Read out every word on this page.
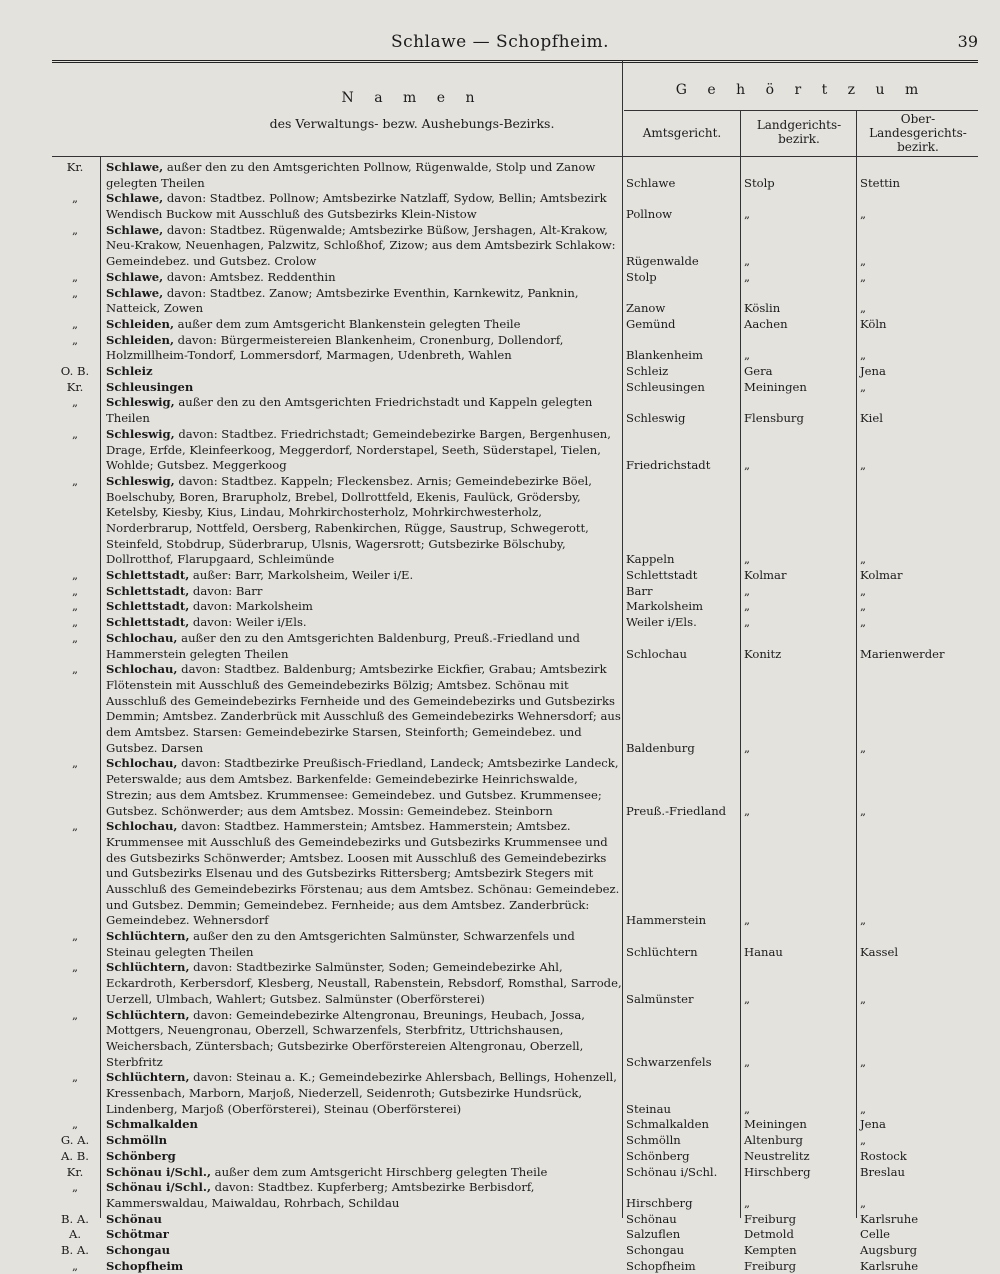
Schlawe — Schopfheim.	39
N a m e n
des Verwaltungs- bezw. Aushebungs-Bezirks.
G e h ö r t z u m
Amtsgericht.
Landgerichts-bezirk.
Ober-Landesgerichts-bezirk.
Kr.	Schlawe, außer den zu den Amtsgerichten Pollnow, Rügenwalde, Stolp und Zanow gelegten Theilen	Schlawe	Stolp	Stettin
„	Schlawe, davon: Stadtbez. Pollnow; Amtsbezirke Natzlaff, Sydow, Bellin; Amtsbezirk Wendisch Buckow mit Ausschluß des Gutsbezirks Klein-Nistow	Pollnow	„	„
„	Schlawe, davon: Stadtbez. Rügenwalde; Amtsbezirke Büßow, Jershagen, Alt-Krakow, Neu-Krakow, Neuenhagen, Palzwitz, Schloßhof, Zizow; aus dem Amtsbezirk Schlakow: Gemeindebez. und Gutsbez. Crolow	Rügenwalde	„	„
„	Schlawe, davon: Amtsbez. Reddenthin	Stolp	„	„
„	Schlawe, davon: Stadtbez. Zanow; Amtsbezirke Eventhin, Karnkewitz, Panknin, Natteick, Zowen	Zanow	Köslin	„
„	Schleiden, außer dem zum Amtsgericht Blankenstein gelegten Theile	Gemünd	Aachen	Köln
„	Schleiden, davon: Bürgermeistereien Blankenheim, Cronenburg, Dollendorf, Holzmillheim-Tondorf, Lommersdorf, Marmagen, Udenbreth, Wahlen	Blankenheim	„	„
O. B.	Schleiz	Schleiz	Gera	Jena
Kr.	Schleusingen	Schleusingen	Meiningen	„
„	Schleswig, außer den zu den Amtsgerichten Friedrichstadt und Kappeln gelegten Theilen	Schleswig	Flensburg	Kiel
„	Schleswig, davon: Stadtbez. Friedrichstadt; Gemeindebezirke Bargen, Bergenhusen, Drage, Erfde, Kleinfeerkoog, Meggerdorf, Norderstapel, Seeth, Süderstapel, Tielen, Wohlde; Gutsbez. Meggerkoog	Friedrichstadt	„	„
„	Schleswig, davon: Stadtbez. Kappeln; Fleckensbez. Arnis; Gemeindebezirke Böel, Boelschuby, Boren, Brarupholz, Brebel, Dollrottfeld, Ekenis, Faulück, Grödersby, Ketelsby, Kiesby, Kius, Lindau, Mohrkirchosterholz, Mohrkirchwesterholz, Norderbrarup, Nottfeld, Oersberg, Rabenkirchen, Rügge, Saustrup, Schwegerott, Steinfeld, Stobdrup, Süderbrarup, Ulsnis, Wagersrott; Gutsbezirke Bölschuby, Dollrotthof, Flarupgaard, Schleimünde	Kappeln	„	„
„	Schlettstadt, außer: Barr, Markolsheim, Weiler i/E.	Schlettstadt	Kolmar	Kolmar
„	Schlettstadt, davon: Barr	Barr	„	„
„	Schlettstadt, davon: Markolsheim	Markolsheim	„	„
„	Schlettstadt, davon: Weiler i/Els.	Weiler i/Els.	„	„
„	Schlochau, außer den zu den Amtsgerichten Baldenburg, Preuß.-Friedland und Hammerstein gelegten Theilen	Schlochau	Konitz	Marienwerder
„	Schlochau, davon: Stadtbez. Baldenburg; Amtsbezirke Eickfier, Grabau; Amtsbezirk Flötenstein mit Ausschluß des Gemeindebezirks Bölzig; Amtsbez. Schönau mit Ausschluß des Gemeindebezirks Fernheide und des Gemeindebezirks und Gutsbezirks Demmin; Amtsbez. Zanderbrück mit Ausschluß des Gemeindebezirks Wehnersdorf; aus dem Amtsbez. Starsen: Gemeindebezirke Starsen, Steinforth; Gemeindebez. und Gutsbez. Darsen	Baldenburg	„	„
„	Schlochau, davon: Stadtbezirke Preußisch-Friedland, Landeck; Amtsbezirke Landeck, Peterswalde; aus dem Amtsbez. Barkenfelde: Gemeindebezirke Heinrichswalde, Strezin; aus dem Amtsbez. Krummensee: Gemeindebez. und Gutsbez. Krummensee; Gutsbez. Schönwerder; aus dem Amtsbez. Mossin: Gemeindebez. Steinborn	Preuß.-Friedland	„	„
„	Schlochau, davon: Stadtbez. Hammerstein; Amtsbez. Hammerstein; Amtsbez. Krummensee mit Ausschluß des Gemeindebezirks und Gutsbezirks Krummensee und des Gutsbezirks Schönwerder; Amtsbez. Loosen mit Ausschluß des Gemeindebezirks und Gutsbezirks Elsenau und des Gutsbezirks Rittersberg; Amtsbezirk Stegers mit Ausschluß des Gemeindebezirks Förstenau; aus dem Amtsbez. Schönau: Gemeindebez. und Gutsbez. Demmin; Gemeindebez. Fernheide; aus dem Amtsbez. Zanderbrück: Gemeindebez. Wehnersdorf	Hammerstein	„	„
„	Schlüchtern, außer den zu den Amtsgerichten Salmünster, Schwarzenfels und Steinau gelegten Theilen	Schlüchtern	Hanau	Kassel
„	Schlüchtern, davon: Stadtbezirke Salmünster, Soden; Gemeindebezirke Ahl, Eckardroth, Kerbersdorf, Klesberg, Neustall, Rabenstein, Rebsdorf, Romsthal, Sarrode, Uerzell, Ulmbach, Wahlert; Gutsbez. Salmünster (Oberförsterei)	Salmünster	„	„
„	Schlüchtern, davon: Gemeindebezirke Altengronau, Breunings, Heubach, Jossa, Mottgers, Neuengronau, Oberzell, Schwarzenfels, Sterbfritz, Uttrichshausen, Weichersbach, Züntersbach; Gutsbezirke Oberförstereien Altengronau, Oberzell, Sterbfritz	Schwarzenfels	„	„
„	Schlüchtern, davon: Steinau a. K.; Gemeindebezirke Ahlersbach, Bellings, Hohenzell, Kressenbach, Marborn, Marjoß, Niederzell, Seidenroth; Gutsbezirke Hundsrück, Lindenberg, Marjoß (Oberförsterei), Steinau (Oberförsterei)	Steinau	„	„
„	Schmalkalden	Schmalkalden	Meiningen	Jena
G. A.	Schmölln	Schmölln	Altenburg	„
A. B.	Schönberg	Schönberg	Neustrelitz	Rostock
Kr.	Schönau i/Schl., außer dem zum Amtsgericht Hirschberg gelegten Theile	Schönau i/Schl.	Hirschberg	Breslau
„	Schönau i/Schl., davon: Stadtbez. Kupferberg; Amtsbezirke Berbisdorf, Kammerswaldau, Maiwaldau, Rohrbach, Schildau	Hirschberg	„	„
B. A.	Schönau	Schönau	Freiburg	Karlsruhe
A.	Schötmar	Salzuflen	Detmold	Celle
B. A.	Schongau	Schongau	Kempten	Augsburg
„	Schopfheim	Schopfheim	Freiburg	Karlsruhe
